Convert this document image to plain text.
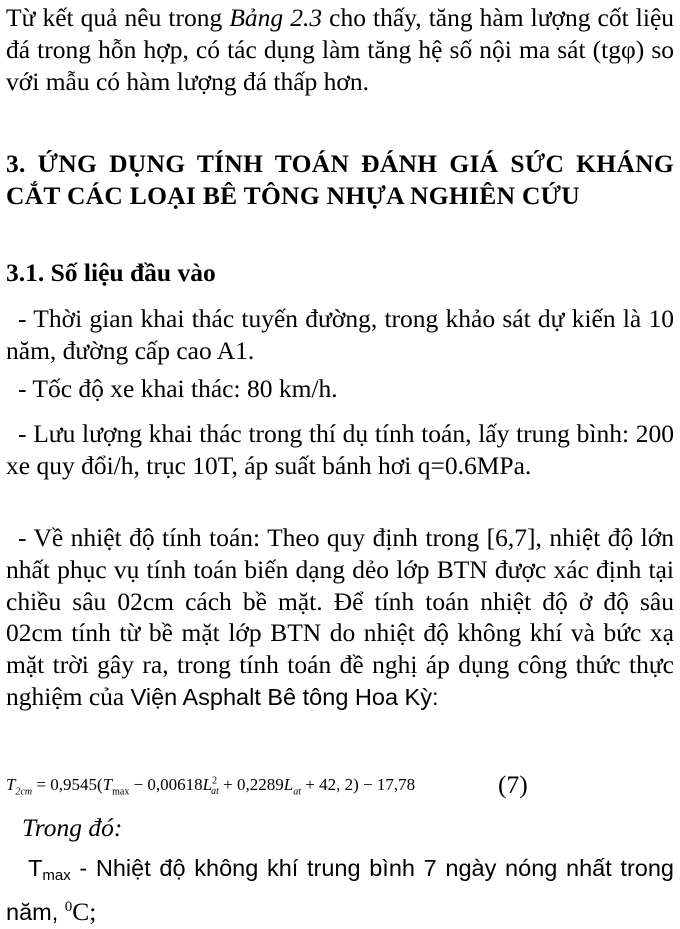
Từ kết quả nêu trong Bảng 2.3 cho thấy, tăng hàm lượng cốt liệu đá trong hỗn hợp, có tác dụng làm tăng hệ số nội ma sát (tgφ) so với mẫu có hàm lượng đá thấp hơn.

3. ỨNG DỤNG TÍNH TOÁN ĐÁNH GIÁ SỨC KHÁNG CẮT CÁC LOẠI BÊ TÔNG NHỰA NGHIÊN CỨU
3.1. Số liệu đầu vào

- Thời gian khai thác tuyến đường, trong khảo sát dự kiến là 10 năm, đường cấp cao A1.

- Tốc độ xe khai thác: 80 km/h.

- Lưu lượng khai thác trong thí dụ tính toán, lấy trung bình: 200 xe quy đổi/h, trục 10T, áp suất bánh hơi q=0.6MPa.

- Về nhiệt độ tính toán: Theo quy định trong [6,7], nhiệt độ lớn nhất phục vụ tính toán biến dạng dẻo lớp BTN được xác định tại chiều sâu 02cm cách bề mặt. Để tính toán nhiệt độ ở độ sâu 02cm tính từ bề mặt lớp BTN do nhiệt độ không khí và bức xạ mặt trời gây ra, trong tính toán đề nghị áp dụng công thức thực nghiệm của Viện Asphalt Bê tông Hoa Kỳ:

$T_{2cm} = 0,9545(T_{max} - 0,00618L^2_{at} + 0,2289L_{at} + 42$, 2) − 17,78	(7)

Trong đó:

Tmax - Nhiệt độ không khí trung bình 7 ngày nóng nhất trong năm, $^0$C;
